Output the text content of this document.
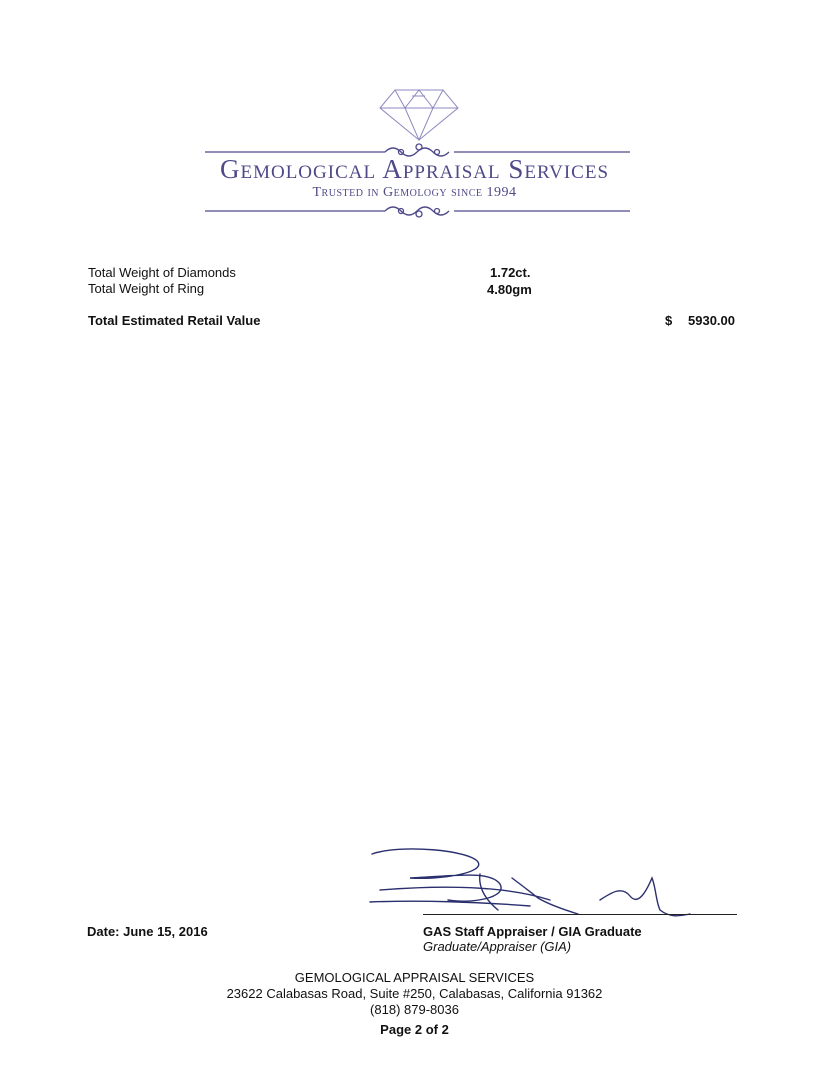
Gemological Appraisal Services
Trusted in Gemology since 1994
Total Weight of Diamonds	1.72ct.
Total Weight of Ring	4.80gm
Total Estimated Retail Value	$ 5930.00
Date: June 15, 2016	GAS Staff Appraiser / GIA Graduate
Graduate/Appraiser (GIA)
GEMOLOGICAL APPRAISAL SERVICES
23622 Calabasas Road, Suite #250, Calabasas, California 91362
(818) 879-8036
Page 2 of 2
